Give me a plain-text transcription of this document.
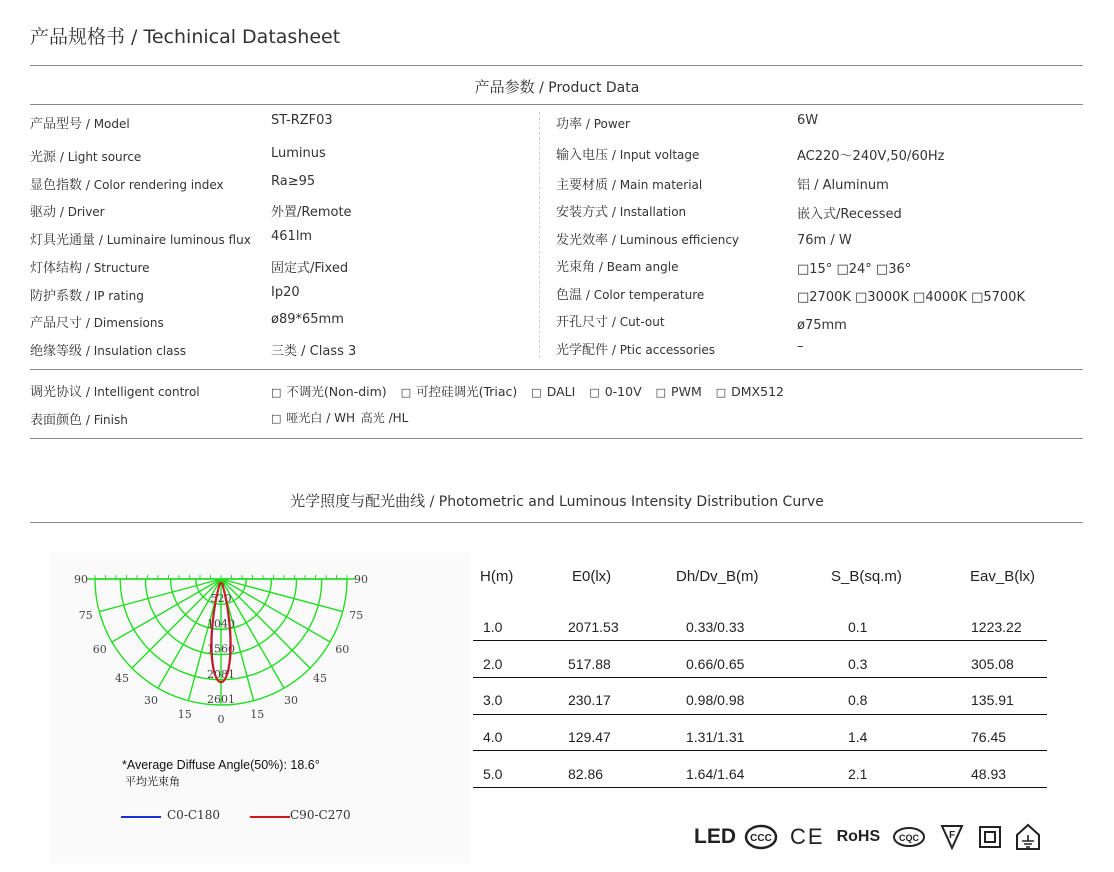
产品规格书 / Techinical Datasheet
产品参数 / Product Data
产品型号 / Model	ST-RZF03
光源 / Light source	Luminus
显色指数 / Color rendering index	Ra≥95
驱动 / Driver	外置/Remote
灯具光通量 / Luminaire luminous flux 461lm
灯体结构 / Structure	固定式/Fixed
防护系数 / IP rating	Ip20
产品尺寸 / Dimensions	ø89*65mm
绝缘等级 / Insulation class	三类 / Class 3
功率 / Power	6W
输入电压 / Input voltage	AC220～240V,50/60Hz
主要材质 / Main material	铝 / Aluminum
安装方式 / Installation	嵌入式/Recessed
发光效率 / Luminous efficiency	76m / W
光束角 / Beam angle	□15° □24° □36°
色温 / Color temperature	□2700K □3000K □4000K □5700K
开孔尺寸 / Cut-out	ø75mm
光学配件 / Ptic accessories	–
调光协议 / Intelligent control	□ 不调光(Non-dim) □ 可控硅调光(Triac) □ DALI □ 0-10V □ PWM □ DMX512
表面颜色 / Finish	□ 哑光白 / WH 高光 /HL
光学照度与配光曲线 / Photometric and Luminous Intensity Distribution Curve
90
75
60
45
30
15 0 15
30
45
60
75
90
520
1040
1560
2081
2601
*Average Diffuse Angle(50%): 18.6°
平均光束角
C0-C180	C90-C270
H(m)	E0(lx)	Dh/Dv_B(m)	S_B(sq.m)	Eav_B(lx)
1.0	2071.53	0.33/0.33	0.1	1223.22
2.0	517.88	0.66/0.65	0.3	305.08
3.0	230.17	0.98/0.98	0.8	135.91
4.0	129.47	1.31/1.31	1.4	76.45
5.0	82.86	1.64/1.64	2.1	48.93
LED CCC CE RoHS CQC	F
